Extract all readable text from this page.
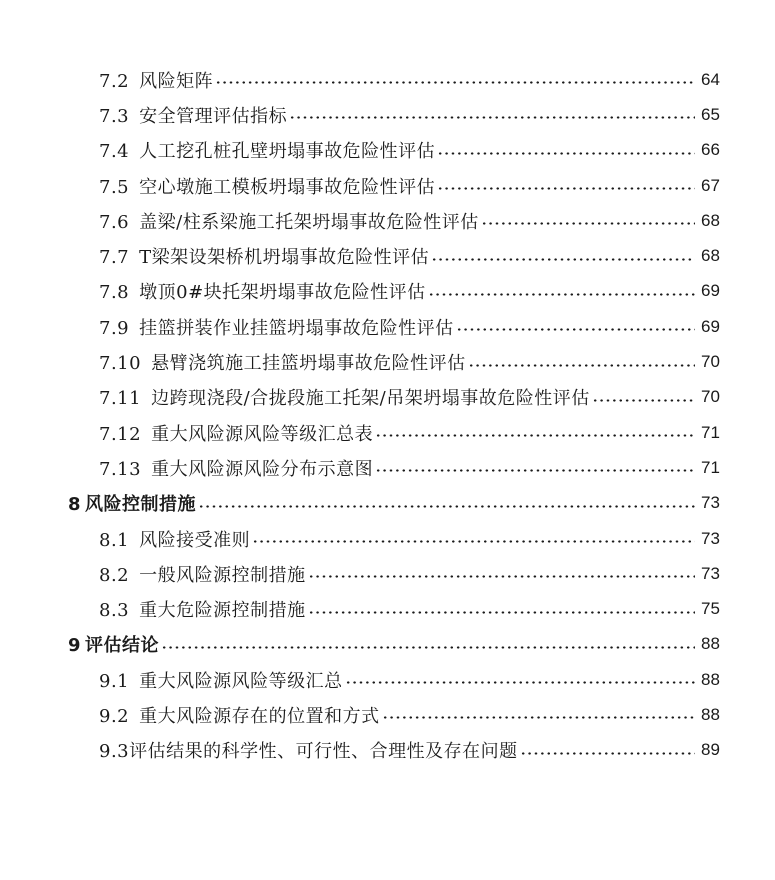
7.2 风险矩阵	64
7.3 安全管理评估指标	65
7.4 人工挖孔桩孔壁坍塌事故危险性评估	66
7.5 空心墩施工模板坍塌事故危险性评估	67
7.6 盖梁/柱系梁施工托架坍塌事故危险性评估	68
7.7 T梁架设架桥机坍塌事故危险性评估	68
7.8 墩顶0#块托架坍塌事故危险性评估	69
7.9 挂篮拼装作业挂篮坍塌事故危险性评估	69
7.10 悬臂浇筑施工挂篮坍塌事故危险性评估	70
7.11 边跨现浇段/合拢段施工托架/吊架坍塌事故危险性评估	70
7.12 重大风险源风险等级汇总表	71
7.13 重大风险源风险分布示意图	71
8 风险控制措施	73
8.1 风险接受准则	73
8.2 一般风险源控制措施	73
8.3 重大危险源控制措施	75
9 评估结论	88
9.1 重大风险源风险等级汇总	88
9.2 重大风险源存在的位置和方式	88
9.3评估结果的科学性、可行性、合理性及存在问题	89
